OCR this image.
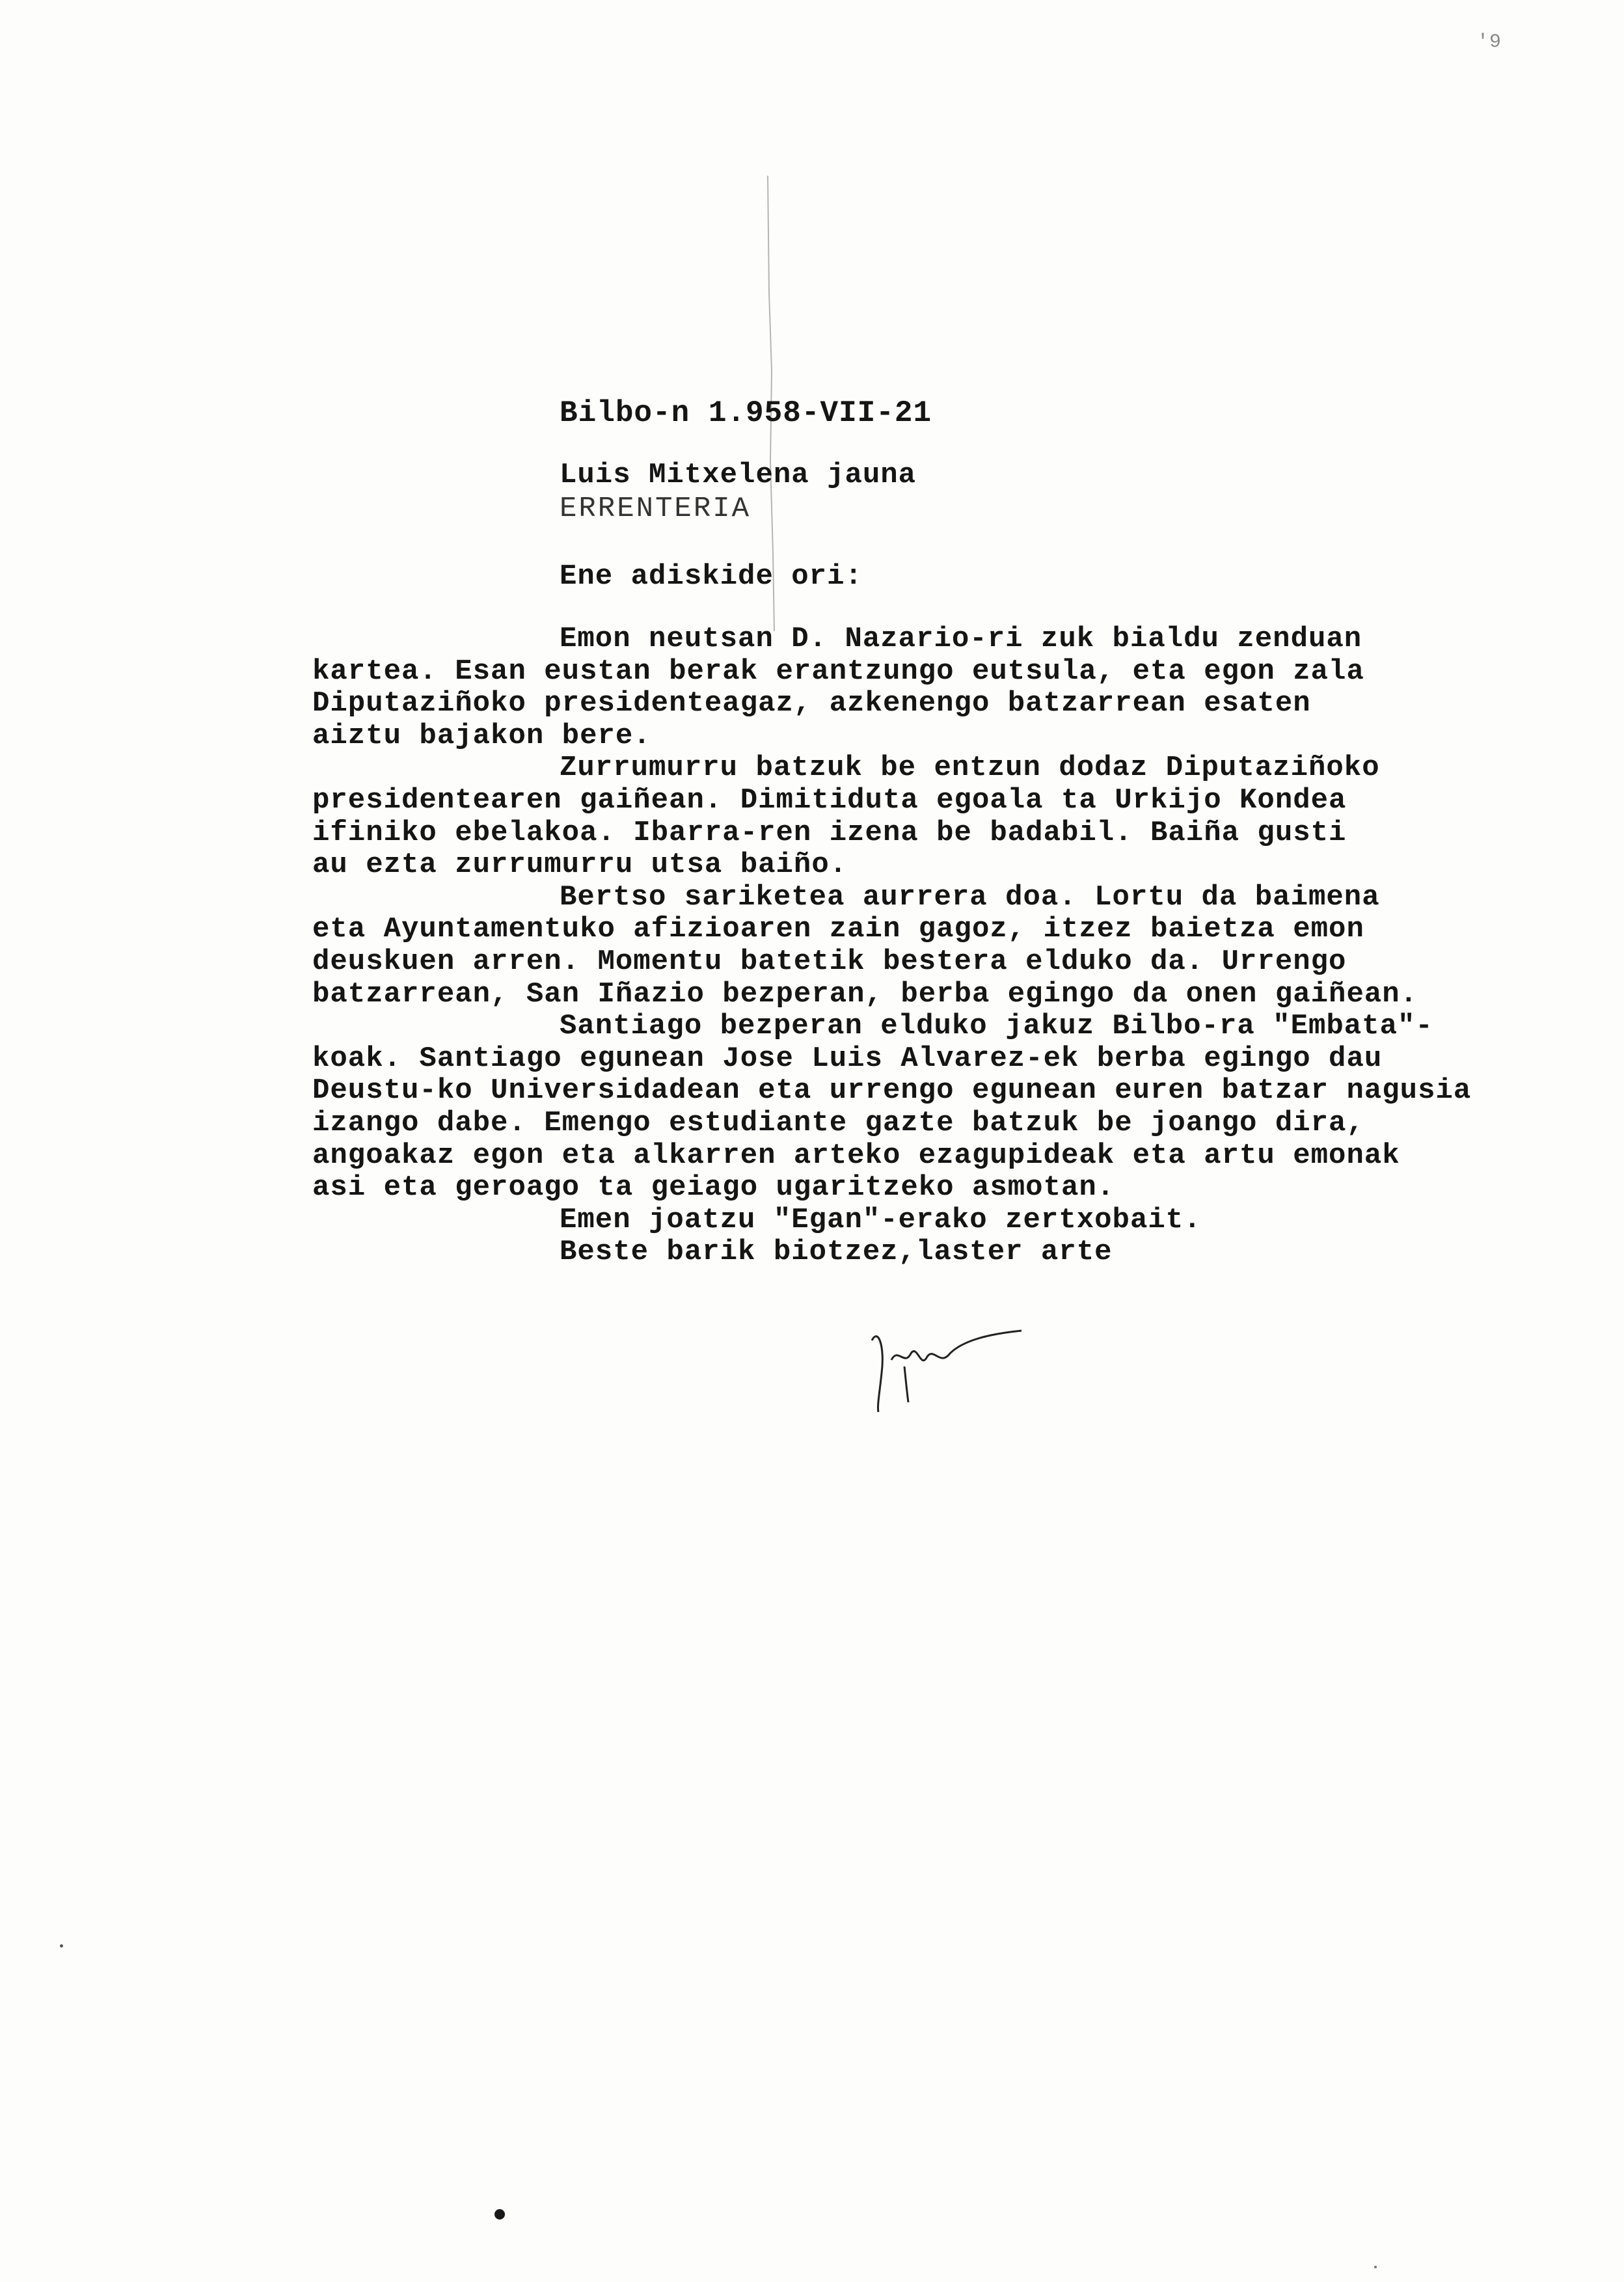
'9
Bilbo-n 1.958-VII-21
Luis Mitxelena jauna
ERRENTERIA
Ene adiskide ori:
Emon neutsan D. Nazario-ri zuk bialdu zenduan
kartea. Esan eustan berak erantzungo eutsula, eta egon zala
Diputaziñoko presidenteagaz, azkenengo batzarrean esaten
aiztu bajakon bere.
Zurrumurru batzuk be entzun dodaz Diputaziñoko
presidentearen gaiñean. Dimitiduta egoala ta Urkijo Kondea
ifiniko ebelakoa. Ibarra-ren izena be badabil. Baiña gusti
au ezta zurrumurru utsa baiño.
Bertso sariketea aurrera doa. Lortu da baimena
eta Ayuntamentuko afizioaren zain gagoz, itzez baietza emon
deuskuen arren. Momentu batetik bestera elduko da. Urrengo
batzarrean, San Iñazio bezperan, berba egingo da onen gaiñean.
Santiago bezperan elduko jakuz Bilbo-ra "Embata"-
koak. Santiago egunean Jose Luis Alvarez-ek berba egingo dau
Deustu-ko Universidadean eta urrengo egunean euren batzar nagusia
izango dabe. Emengo estudiante gazte batzuk be joango dira,
angoakaz egon eta alkarren arteko ezagupideak eta artu emonak
asi eta geroago ta geiago ugaritzeko asmotan.
Emen joatzu "Egan"-erako zertxobait.
Beste barik biotzez,laster arte
